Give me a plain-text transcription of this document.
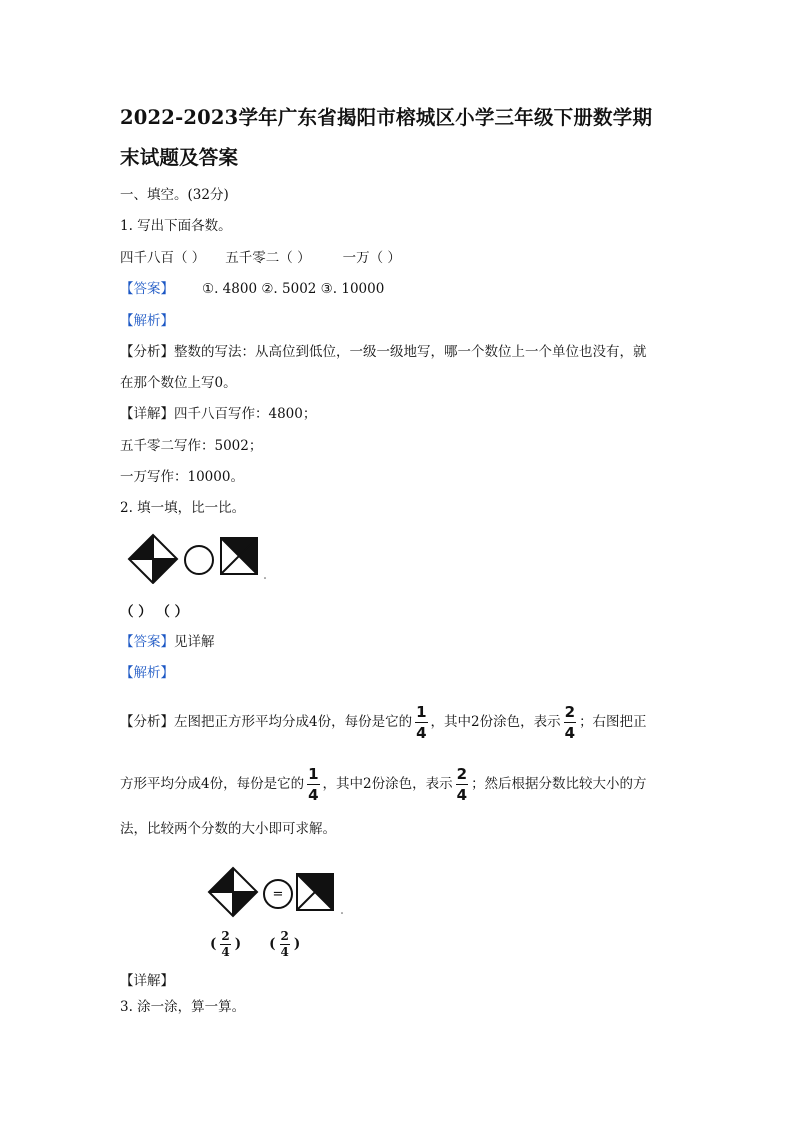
2022-2023学年广东省揭阳市榕城区小学三年级下册数学期
末试题及答案
一、填空。(32分)
1. 写出下面各数。
四千八百（ ） 五千零二（ ） 一万（ ）
【答案】 ①. 4800 ②. 5002 ③. 10000
【解析】
【分析】整数的写法：从高位到低位，一级一级地写，哪一个数位上一个单位也没有，就
在那个数位上写0。
【详解】四千八百写作：4800；
五千零二写作：5002；
一万写作：10000。
2. 填一填，比一比。
（ ） （ ）
【答案】见详解
【解析】
【分析】左图把正方形平均分成4份，每份是它的 $\frac{1}{4}$ ，其中2份涂色，表示 $\frac{2}{4}$ ；右图把正
方形平均分成4份，每份是它的 $\frac{1}{4}$ ，其中2份涂色，表示 $\frac{2}{4}$ ；然后根据分数比较大小的方
法，比较两个分数的大小即可求解。
=
( $\frac{2}{4}$ ) ( $\frac{2}{4}$ )
【详解】
3. 涂一涂，算一算。
